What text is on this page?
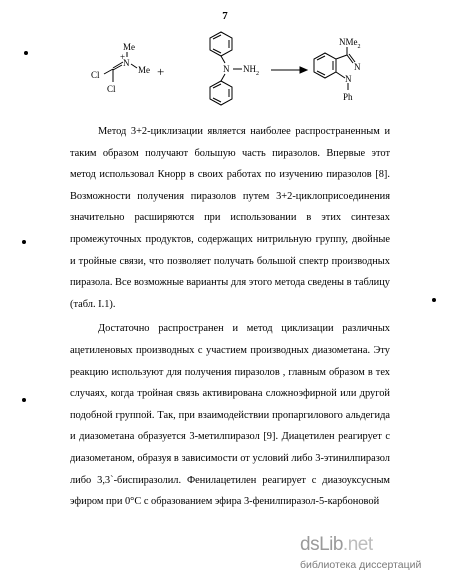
7
+
N
Me
Me
Cl
Cl
+	N $NH_2$
NMe$_2$
N
N
Ph

Метод 3+2-циклизации является наиболее распространенным и таким образом получают большую часть пиразолов. Впервые этот метод использовал Кнорр в своих работах по изучению пиразолов [8]. Возможности получения пиразолов путем 3+2-циклоприсоединения значительно расширяются при использовании в этих синтезах промежуточных продуктов, содержащих нитрильную группу, двойные и тройные связи, что позволяет получать большой спектр производных пиразола. Все возможные варианты для этого метода сведены в таблицу (табл. I.1).

Достаточно распространен и метод циклизации различных ацетиленовых производных с участием производных диазометана. Эту реакцию используют для получения пиразолов , главным образом в тех случаях, когда тройная связь активирована сложноэфирной или другой подобной группой. Так, при взаимодействии пропаргилового альдегида и диазометана образуется 3-метилпиразол [9]. Диацетилен реагирует с диазометаном, образуя в зависимости от условий либо 3-этинилпиразол либо 3,3`-биспиразолил. Фенилацетилен реагирует с диазоуксусным эфиром при 0°С с образованием эфира 3-фенилпиразол-5-карбоновой

dsLib.net
библиотека диссертаций
